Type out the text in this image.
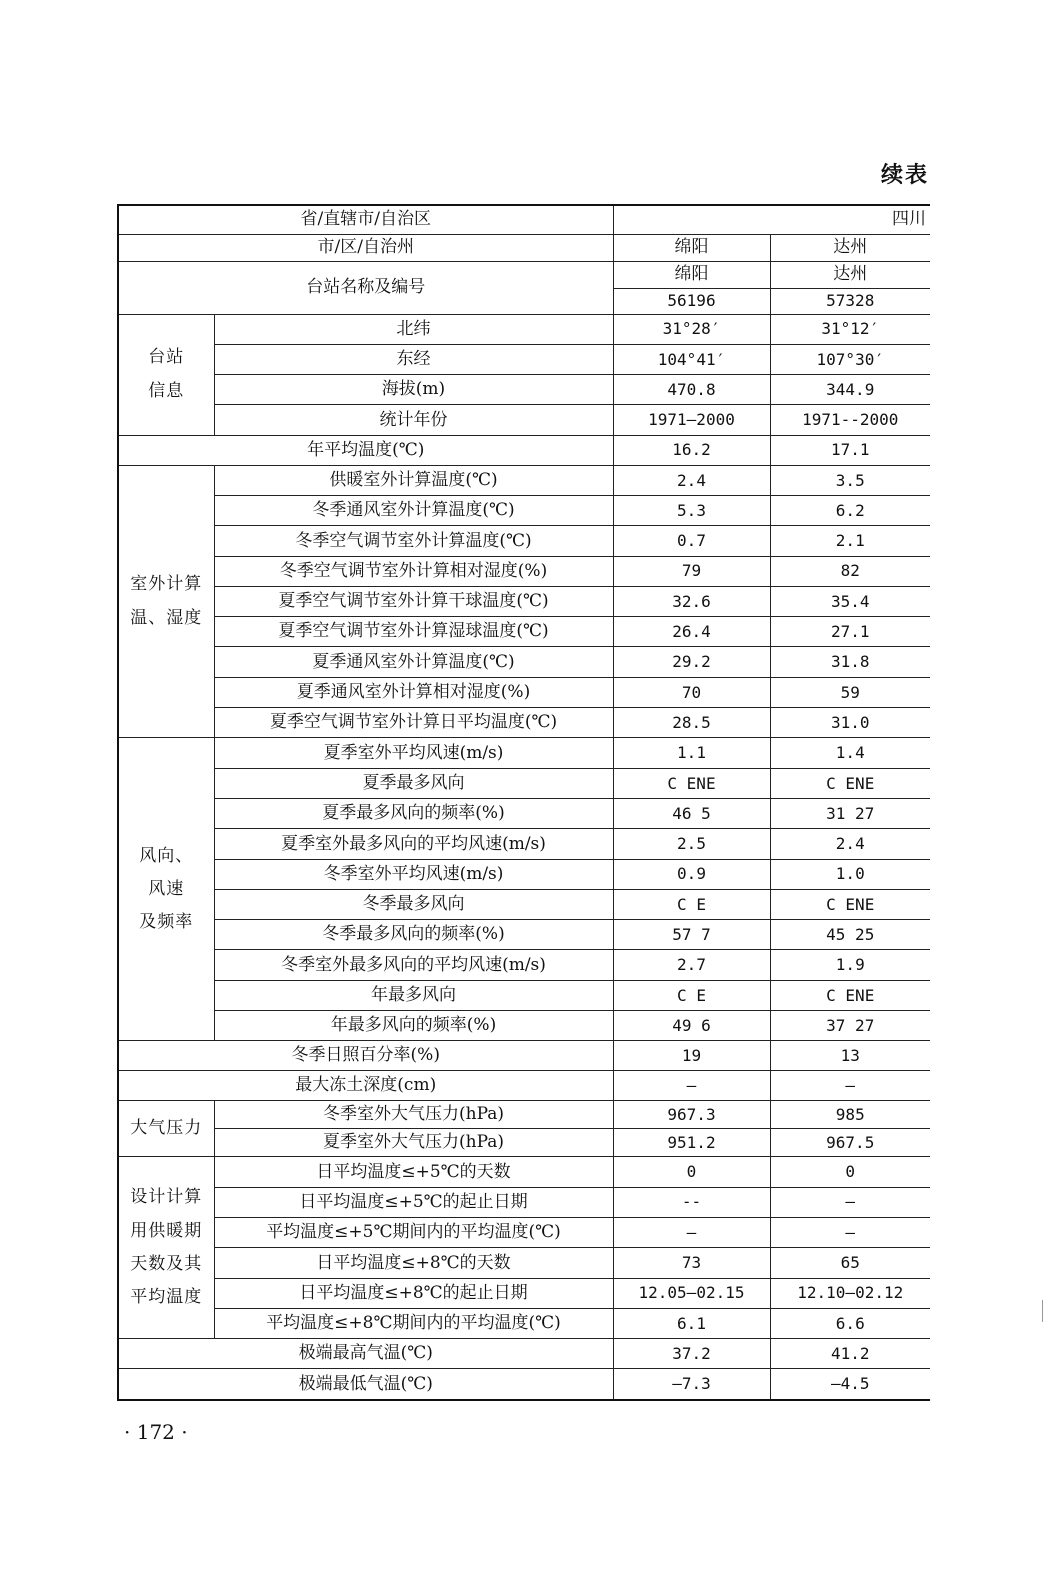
续表
省/直辖市/自治区		四川	
市/区/自治州		绵阳	达州
台站名称及编号		绵阳	达州
		56196	57328
台站
信息	北纬	31°28′	31°12′
	东经	104°41′	107°30′
	海拔(m)	470.8	344.9
	统计年份	1971—2000	1971--2000
年平均温度(℃)		16.2	17.1
室外计算
温、湿度	供暖室外计算温度(℃)	2.4	3.5
	冬季通风室外计算温度(℃)	5.3	6.2
	冬季空气调节室外计算温度(℃)	0.7	2.1
	冬季空气调节室外计算相对湿度(%)	79	82
	夏季空气调节室外计算干球温度(℃)	32.6	35.4
	夏季空气调节室外计算湿球温度(℃)	26.4	27.1
	夏季通风室外计算温度(℃)	29.2	31.8
	夏季通风室外计算相对湿度(%)	70	59
	夏季空气调节室外计算日平均温度(℃)	28.5	31.0
风向、
风速
及频率	夏季室外平均风速(m/s)	1.1	1.4
	夏季最多风向	C ENE	C ENE
	夏季最多风向的频率(%)	46 5	31 27
	夏季室外最多风向的平均风速(m/s)	2.5	2.4
	冬季室外平均风速(m/s)	0.9	1.0
	冬季最多风向	C E	C ENE
	冬季最多风向的频率(%)	57 7	45 25
	冬季室外最多风向的平均风速(m/s)	2.7	1.9
	年最多风向	C E	C ENE
	年最多风向的频率(%)	49 6	37 27
冬季日照百分率(%)		19	13
最大冻土深度(cm)		—	—
大气压力	冬季室外大气压力(hPa)	967.3	985
	夏季室外大气压力(hPa)	951.2	967.5
设计计算
用供暖期
天数及其
平均温度	日平均温度≤+5℃的天数	0	0
	日平均温度≤+5℃的起止日期	--	—
	平均温度≤+5℃期间内的平均温度(℃)	—	—
	日平均温度≤+8℃的天数	73	65
	日平均温度≤+8℃的起止日期	12.05—02.15	12.10—02.12
	平均温度≤+8℃期间内的平均温度(℃)	6.1	6.6
极端最高气温(℃)		37.2	41.2
极端最低气温(℃)		—7.3	—4.5
· 172 ·
